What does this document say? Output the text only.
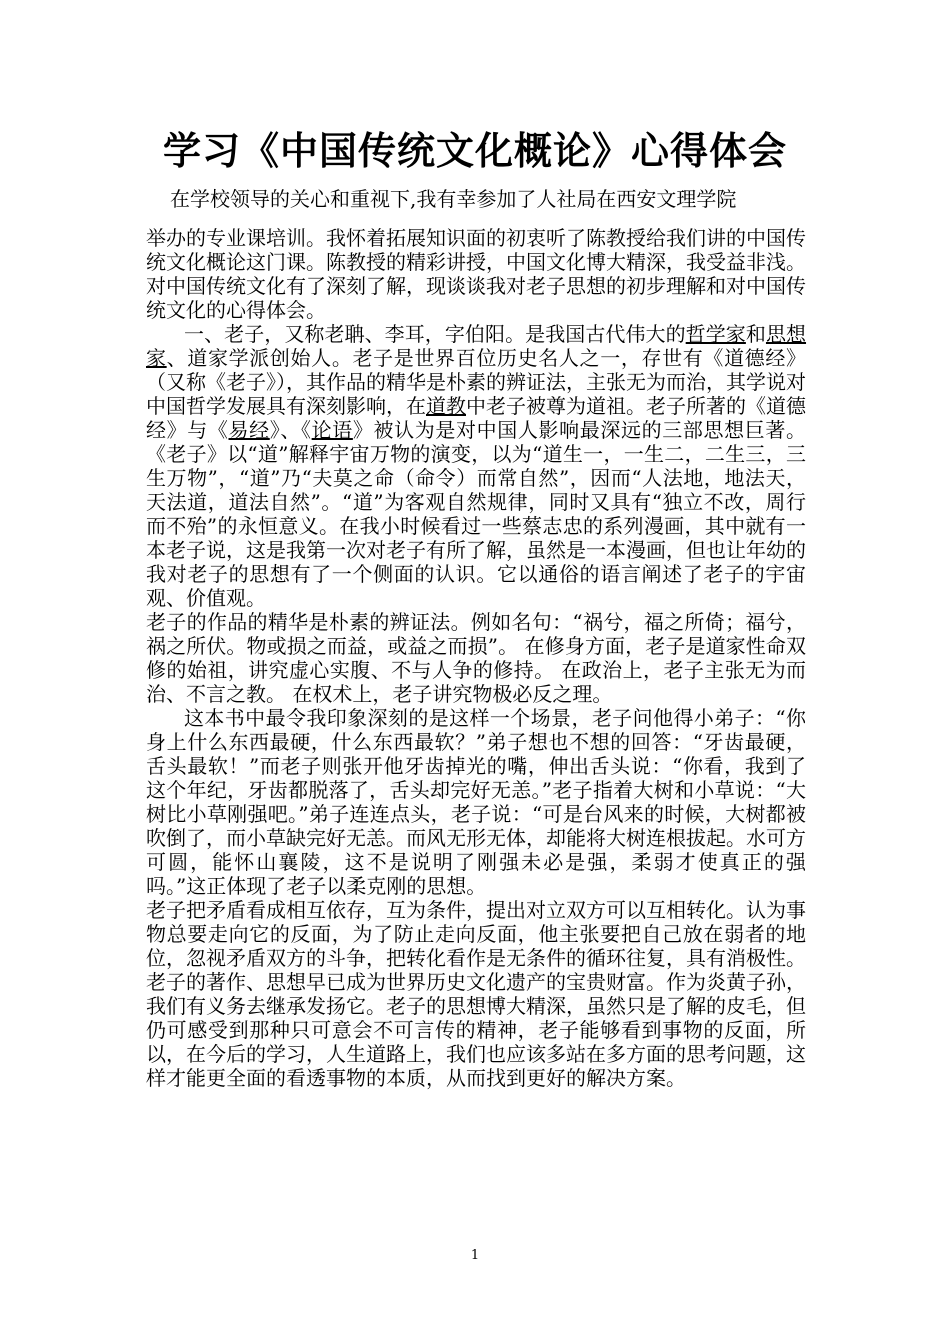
学习《中国传统文化概论》心得体会

在学校领导的关心和重视下,我有幸参加了人社局在西安文理学院

举办的专业课培训。我怀着拓展知识面的初衷听了陈教授给我们讲的中国传统文化概论这门课。陈教授的精彩讲授，中国文化博大精深，我受益非浅。对中国传统文化有了深刻了解，现谈谈我对老子思想的初步理解和对中国传统文化的心得体会。

一、老子，又称老聃、李耳，字伯阳。是我国古代伟大的哲学家和思想家、道家学派创始人。老子是世界百位历史名人之一，存世有《道德经》（又称《老子》），其作品的精华是朴素的辨证法，主张无为而治，其学说对中国哲学发展具有深刻影响，在道教中老子被尊为道祖。老子所著的《道德经》与《易经》、《论语》被认为是对中国人影响最深远的三部思想巨著。《老子》以“道”解释宇宙万物的演变，以为“道生一，一生二，二生三，三生万物”，“道”乃“夫莫之命（命令）而常自然”，因而“人法地，地法天，天法道，道法自然”。“道”为客观自然规律，同时又具有“独立不改，周行而不殆”的永恒意义。在我小时候看过一些蔡志忠的系列漫画，其中就有一本老子说，这是我第一次对老子有所了解，虽然是一本漫画，但也让年幼的我对老子的思想有了一个侧面的认识。它以通俗的语言阐述了老子的宇宙观、价值观。

老子的作品的精华是朴素的辨证法。例如名句：“祸兮，福之所倚；福兮，祸之所伏。物或损之而益，或益之而损”。 在修身方面，老子是道家性命双修的始祖，讲究虚心实腹、不与人争的修持。 在政治上，老子主张无为而治、不言之教。 在权术上，老子讲究物极必反之理。

这本书中最令我印象深刻的是这样一个场景，老子问他得小弟子：“你身上什么东西最硬，什么东西最软？”弟子想也不想的回答：“牙齿最硬，舌头最软！”而老子则张开他牙齿掉光的嘴，伸出舌头说：“你看，我到了这个年纪，牙齿都脱落了，舌头却完好无恙。”老子指着大树和小草说：“大树比小草刚强吧。”弟子连连点头，老子说：“可是台风来的时候，大树都被吹倒了，而小草缺完好无恙。而风无形无体，却能将大树连根拔起。水可方可圆，能怀山襄陵，这不是说明了刚强未必是强，柔弱才使真正的强吗。”这正体现了老子以柔克刚的思想。

老子把矛盾看成相互依存，互为条件，提出对立双方可以互相转化。认为事物总要走向它的反面，为了防止走向反面，他主张要把自己放在弱者的地位，忽视矛盾双方的斗争，把转化看作是无条件的循环往复，具有消极性。

老子的著作、思想早已成为世界历史文化遗产的宝贵财富。作为炎黄子孙，我们有义务去继承发扬它。老子的思想博大精深，虽然只是了解的皮毛，但仍可感受到那种只可意会不可言传的精神，老子能够看到事物的反面，所以，在今后的学习，人生道路上，我们也应该多站在多方面的思考问题，这样才能更全面的看透事物的本质，从而找到更好的解决方案。

1
